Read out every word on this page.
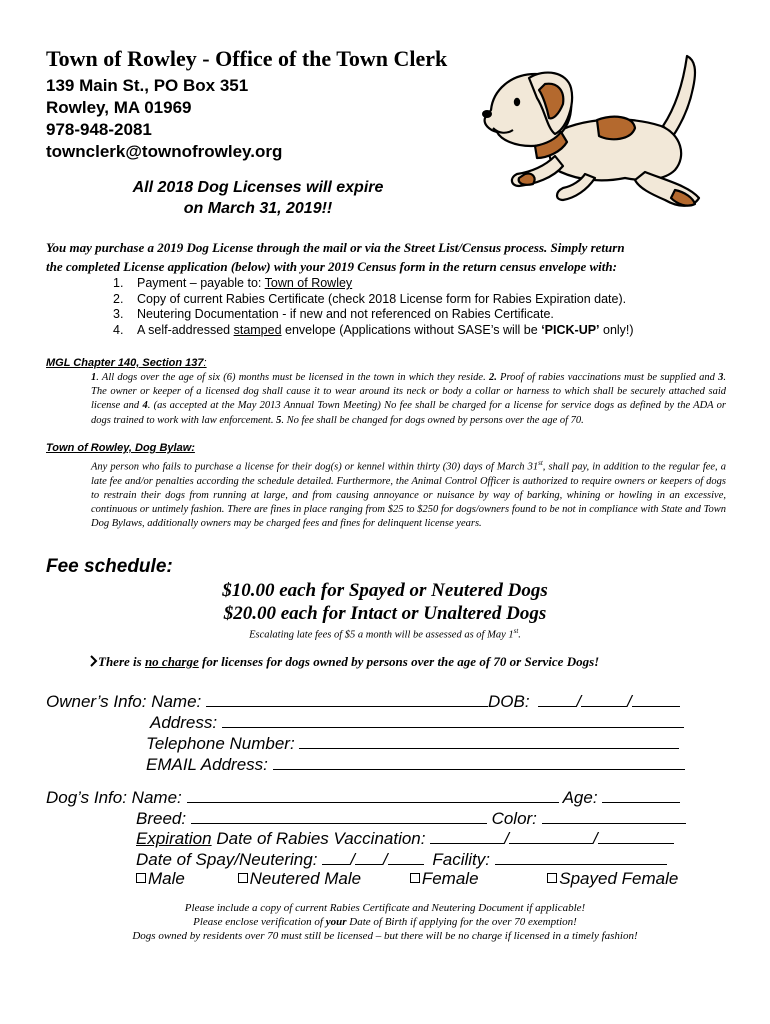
Town of Rowley - Office of the Town Clerk
139 Main St., PO Box 351
Rowley, MA 01969
978-948-2081
townclerk@townofrowley.org
All 2018 Dog Licenses will expire
on March 31, 2019!!
You may purchase a 2019 Dog License through the mail or via the Street List/Census process. Simply return
the completed License application (below) with your 2019 Census form in the return census envelope with:
1. Payment – payable to: Town of Rowley
2. Copy of current Rabies Certificate (check 2018 License form for Rabies Expiration date).
3. Neutering Documentation - if new and not referenced on Rabies Certificate.
4. A self-addressed stamped envelope (Applications without SASE’s will be ‘PICK-UP’ only!)
MGL Chapter 140, Section 137:
1. All dogs over the age of six (6) months must be licensed in the town in which they reside. 2. Proof of rabies vaccinations must be supplied and 3. The owner or keeper of a licensed dog shall cause it to wear around its neck or body a collar or harness to which shall be securely attached said license and 4. (as accepted at the May 2013 Annual Town Meeting) No fee shall be charged for a license for service dogs as defined by the ADA or dogs trained to work with law enforcement. 5. No fee shall be changed for dogs owned by persons over the age of 70.
Town of Rowley, Dog Bylaw:
Any person who fails to purchase a license for their dog(s) or kennel within thirty (30) days of March 31st, shall pay, in addition to the regular fee, a late fee and/or penalties according the schedule detailed. Furthermore, the Animal Control Officer is authorized to require owners or keepers of dogs to restrain their dogs from running at large, and from causing annoyance or nuisance by way of barking, whining or howling in an excessive, continuous or untimely fashion. There are fines in place ranging from $25 to $250 for dogs/owners found to be not in compliance with State and Town Dog Bylaws, additionally owners may be charged fees and fines for delinquent license years.
Fee schedule:
$10.00 each for Spayed or Neutered Dogs
$20.00 each for Intact or Unaltered Dogs
Escalating late fees of $5 a month will be assessed as of May 1st.
There is no charge for licenses for dogs owned by persons over the age of 70 or Service Dogs!
Owner’s Info: Name:	DOB:	/	/
Address:
Telephone Number:
EMAIL Address:
Dog’s Info: Name:	Age:
Breed:	Color:
Expiration Date of Rabies Vaccination:	/	/
Date of Spay/Neutering: / /	Facility:
Male	Neutered Male	Female	Spayed Female
Please include a copy of current Rabies Certificate and Neutering Document if applicable!
Please enclose verification of your Date of Birth if applying for the over 70 exemption!
Dogs owned by residents over 70 must still be licensed – but there will be no charge if licensed in a timely fashion!
